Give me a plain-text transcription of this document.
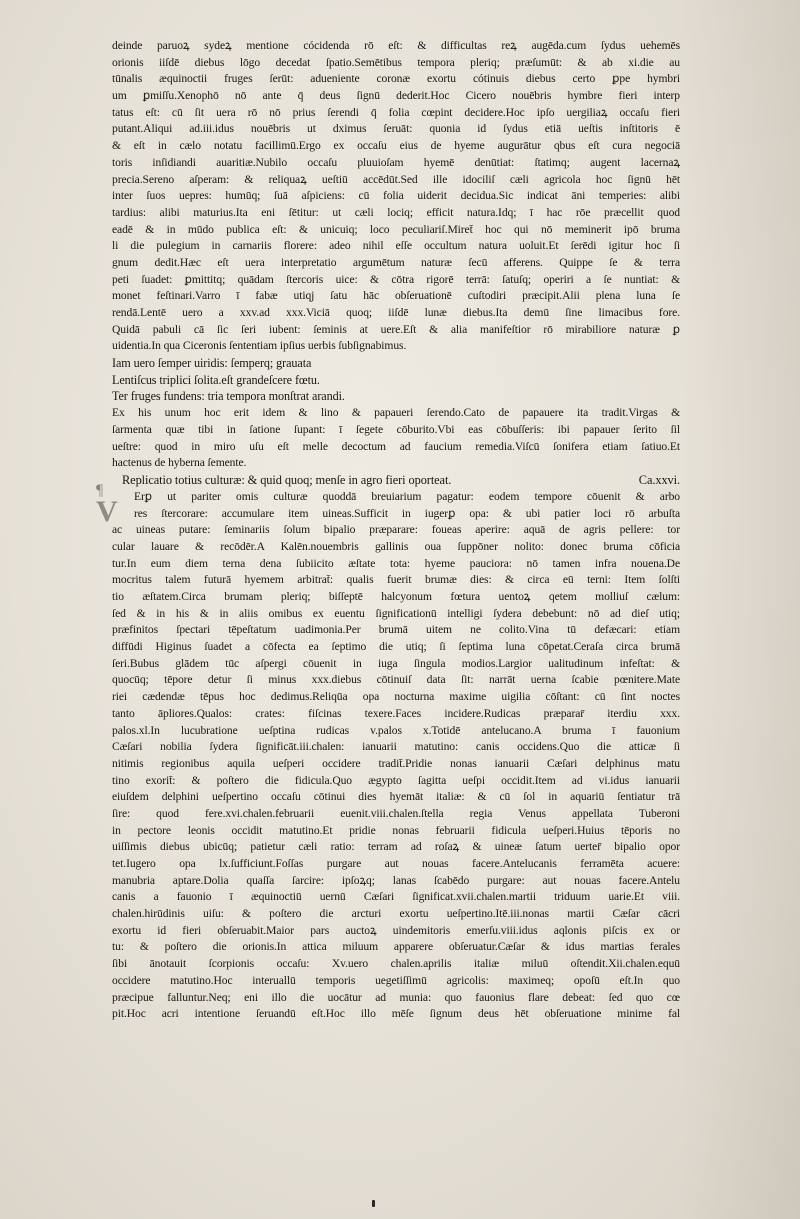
¶
V
deinde paruoꝝ sydeꝝ mentione cócidenda rō eſt: & difficultas reꝝ augēda.cum ſydus uehemēs
orionis iiſdē diebus lōgo decedat ſpatio.Semētibus tempora pleriq; præſumūt: & ab xi.die au
tūnalis æquinoctii fruges ſerūt: adueniente coronæ exortu cótinuis diebus certo ꝑpe hymbri
um ꝑmiſſu.Xenophō nō ante q̄ deus ſignū dederit.Hoc Cicero nouēbris hymbre fieri interp
tatus eſt: cū ſit uera rō nō prius ſerendi q̄ folia cœpint decidere.Hoc ipſo uergiliaꝝ occaſu fieri
putant.Aliqui ad.iii.idus nouēbris ut dximus ſeruāt: quonia id ſydus etiā ueſtis inſtitoris ē
& eſt in cælo notatu facillimū.Ergo ex occaſu eius de hyeme augurātur qbus eſt cura negociā
toris inſidiandi auaritiæ.Nubilo occaſu pluuioſam hyemē denūtiat: ſtatimq; augent lacernaꝝ
precia.Sereno aſperam: & reliquaꝝ ueſtiū accēdūt.Sed ille idociliſ cæli agricola hoc ſignū hēt
inter ſuos uepres: humūq; ſuā aſpiciens: cū folia uiderit decidua.Sic indicat āni temperies: alibi
tardius: alibi maturius.Ita eni ſētitur: ut cæli lociq; efficit natura.Idq; ī hac rōe præcellit quod
eadē & in mūdo publica eſt: & unicuiq; loco peculiariſ.Miret̄ hoc qui nō meminerit ipō bruma
li die pulegium in carnariis florere: adeo nihil eſſe occultum natura uoluit.Et ſerēdi igitur hoc ſi
gnum dedit.Hæc eſt uera interpretatio argumētum naturæ ſecū afferens. Quippe ſe & terra
peti ſuadet: ꝑmittitq; quādam ſtercoris uice: & cōtra rigorē terrā: ſatuſq; operiri a ſe nuntiat: &
monet feſtinari.Varro ī fabæ utiqj ſatu hāc obſeruationē cuſtodiri præcipit.Alii plena luna ſe
rendā.Lentē uero a xxv.ad xxx.Viciā quoq; iiſdē lunæ diebus.Ita demū ſine limacibus fore.
Quidā pabuli cā ſic ſeri iubent: ſeminis at uere.Eſt & alia manifeſtior rō mirabiliore naturæ ꝑ
uidentia.In qua Ciceronis ſententiam ipſius uerbis ſubſignabimus.
Iam uero ſemper uiridis: ſemperq; grauata
Lentiſcus triplici ſolita.eſt grandeſcere fœtu.
Ter fruges fundens: tria tempora monſtrat arandi.
Ex his unum hoc erit idem & lino & papaueri ſerendo.Cato de papauere ita tradit.Virgas &
ſarmenta quæ tibi in ſatione ſupant: ī ſegete cōburito.Vbi eas cōbuſſeris: ibi papauer ſerito ſil
ueſtre: quod in miro uſu eſt melle decoctum ad faucium remedia.Viſcū ſonifera etiam ſatiuo.Et
hactenus de hyberna ſemente.
Replicatio totius culturæ: & quid quoq; menſe in agro fieri oporteat.	Ca.xxvi.
Erꝑ ut pariter omis culturæ quoddā breuiarium pagatur: eodem tempore cōuenit & arbo
res ſtercorare: accumulare item uineas.Sufficit in iugerꝑ opa: & ubi patier loci rō arbuſta
ac uineas putare: ſeminariis ſolum bipalio præparare: foueas aperire: aquā de agris pellere: tor
cular lauare & recōdēr.A Kalēn.nouembris gallinis oua ſuppōner nolito: donec bruma cōficia
tur.In eum diem terna dena ſubiicito æſtate tota: hyeme pauciora: nō tamen infra nouena.De
mocritus talem futurā hyemem arbitrat̄: qualis fuerit brumæ dies: & circa eū terni: Item ſolſti
tio æſtatem.Circa brumam pleriq; biſſeptē halcyonum fœtura uentoꝝ qetem molliuſ cælum:
ſed & in his & in aliis omibus ex euentu ſignificationū intelligi ſydera debebunt: nō ad dieſ utiq;
præfinitos ſpectari tēpeſtatum uadimonia.Per brumā uitem ne colito.Vina tū defæcari: etiam
diffūdi Higinus ſuadet a cōfecta ea ſeptimo die utiq; ſi ſeptima luna cōpetat.Ceraſa circa brumā
ſeri.Bubus glādem tūc aſpergi cōuenit in iuga ſingula modios.Largior ualitudinum infeſtat: &
quocūq; tēpore detur ſi minus xxx.diebus cōtinuiſ data ſit: narrāt uerna ſcabie pœnitere.Mate
riei cædendæ tēpus hoc dedimus.Reliqūa opa nocturna maxime uigilia cōſtant: cū ſint noctes
tanto āpliores.Qualos: crates: fiſcinas texere.Faces incidere.Rudicas præparar̄ iterdiu xxx.
palos.xl.In lucubratione ueſptina rudicas v.palos x.Totidē antelucano.A bruma ī fauonium
Cæſari nobilia ſydera ſignificāt.iii.chalen: ianuarii matutino: canis occidens.Quo die atticæ ſi
nitimis regionibus aquila ueſperi occidere tradit̄.Pridie nonas ianuarii Cæſari delphinus matu
tino exorit̄: & poſtero die fidicula.Quo ægypto ſagitta ueſpi occidit.Item ad vi.idus ianuarii
eiuſdem delphini ueſpertino occaſu cōtinui dies hyemāt italiæ: & cū ſol in aquariū ſentiatur trā
ſire: quod fere.xvi.chalen.februarii euenit.viii.chalen.ſtella regia Venus appellata Tuberoni
in pectore leonis occidit matutino.Et pridie nonas februarii fidicula ueſperi.Huius tēporis no
uiſſimis diebus ubicūq; patietur cæli ratio: terram ad roſaꝝ & uineæ ſatum uerter̄ bipalio opor
tet.Iugero opa lx.ſufficiunt.Foſſas purgare aut nouas facere.Antelucanis ferramēta acuere:
manubria aptare.Dolia quaſſa ſarcire: ipſoꝝq; lanas ſcabēdo purgare: aut nouas facere.Antelu
canis a fauonio ī æquinoctiū uernū Cæſari ſignificat.xvii.chalen.martii triduum uarie.Et viii.
chalen.hirūdinis uiſu: & poſtero die arcturi exortu ueſpertino.Itē.iii.nonas martii Cæſar cācri
exortu id fieri obſeruabit.Maior pars auctoꝝ uindemitoris emerſu.viii.idus aqlonis piſcis ex or
tu: & poſtero die orionis.In attica miluum apparere obſeruatur.Cæſar & idus martias ferales
ſibi ānotauit ſcorpionis occaſu: Xv.uero chalen.aprilis italiæ miluū oſtendit.Xii.chalen.equū
occidere matutino.Hoc interuallū temporis uegetiſſimū agricolis: maximeq; opoſū eſt.In quo
præcipue falluntur.Neq; eni illo die uocātur ad munia: quo fauonius flare debeat: ſed quo cœ
pit.Hoc acri intentione ſeruandū eſt.Hoc illo mēſe ſignum deus hēt obſeruatione minime fal
